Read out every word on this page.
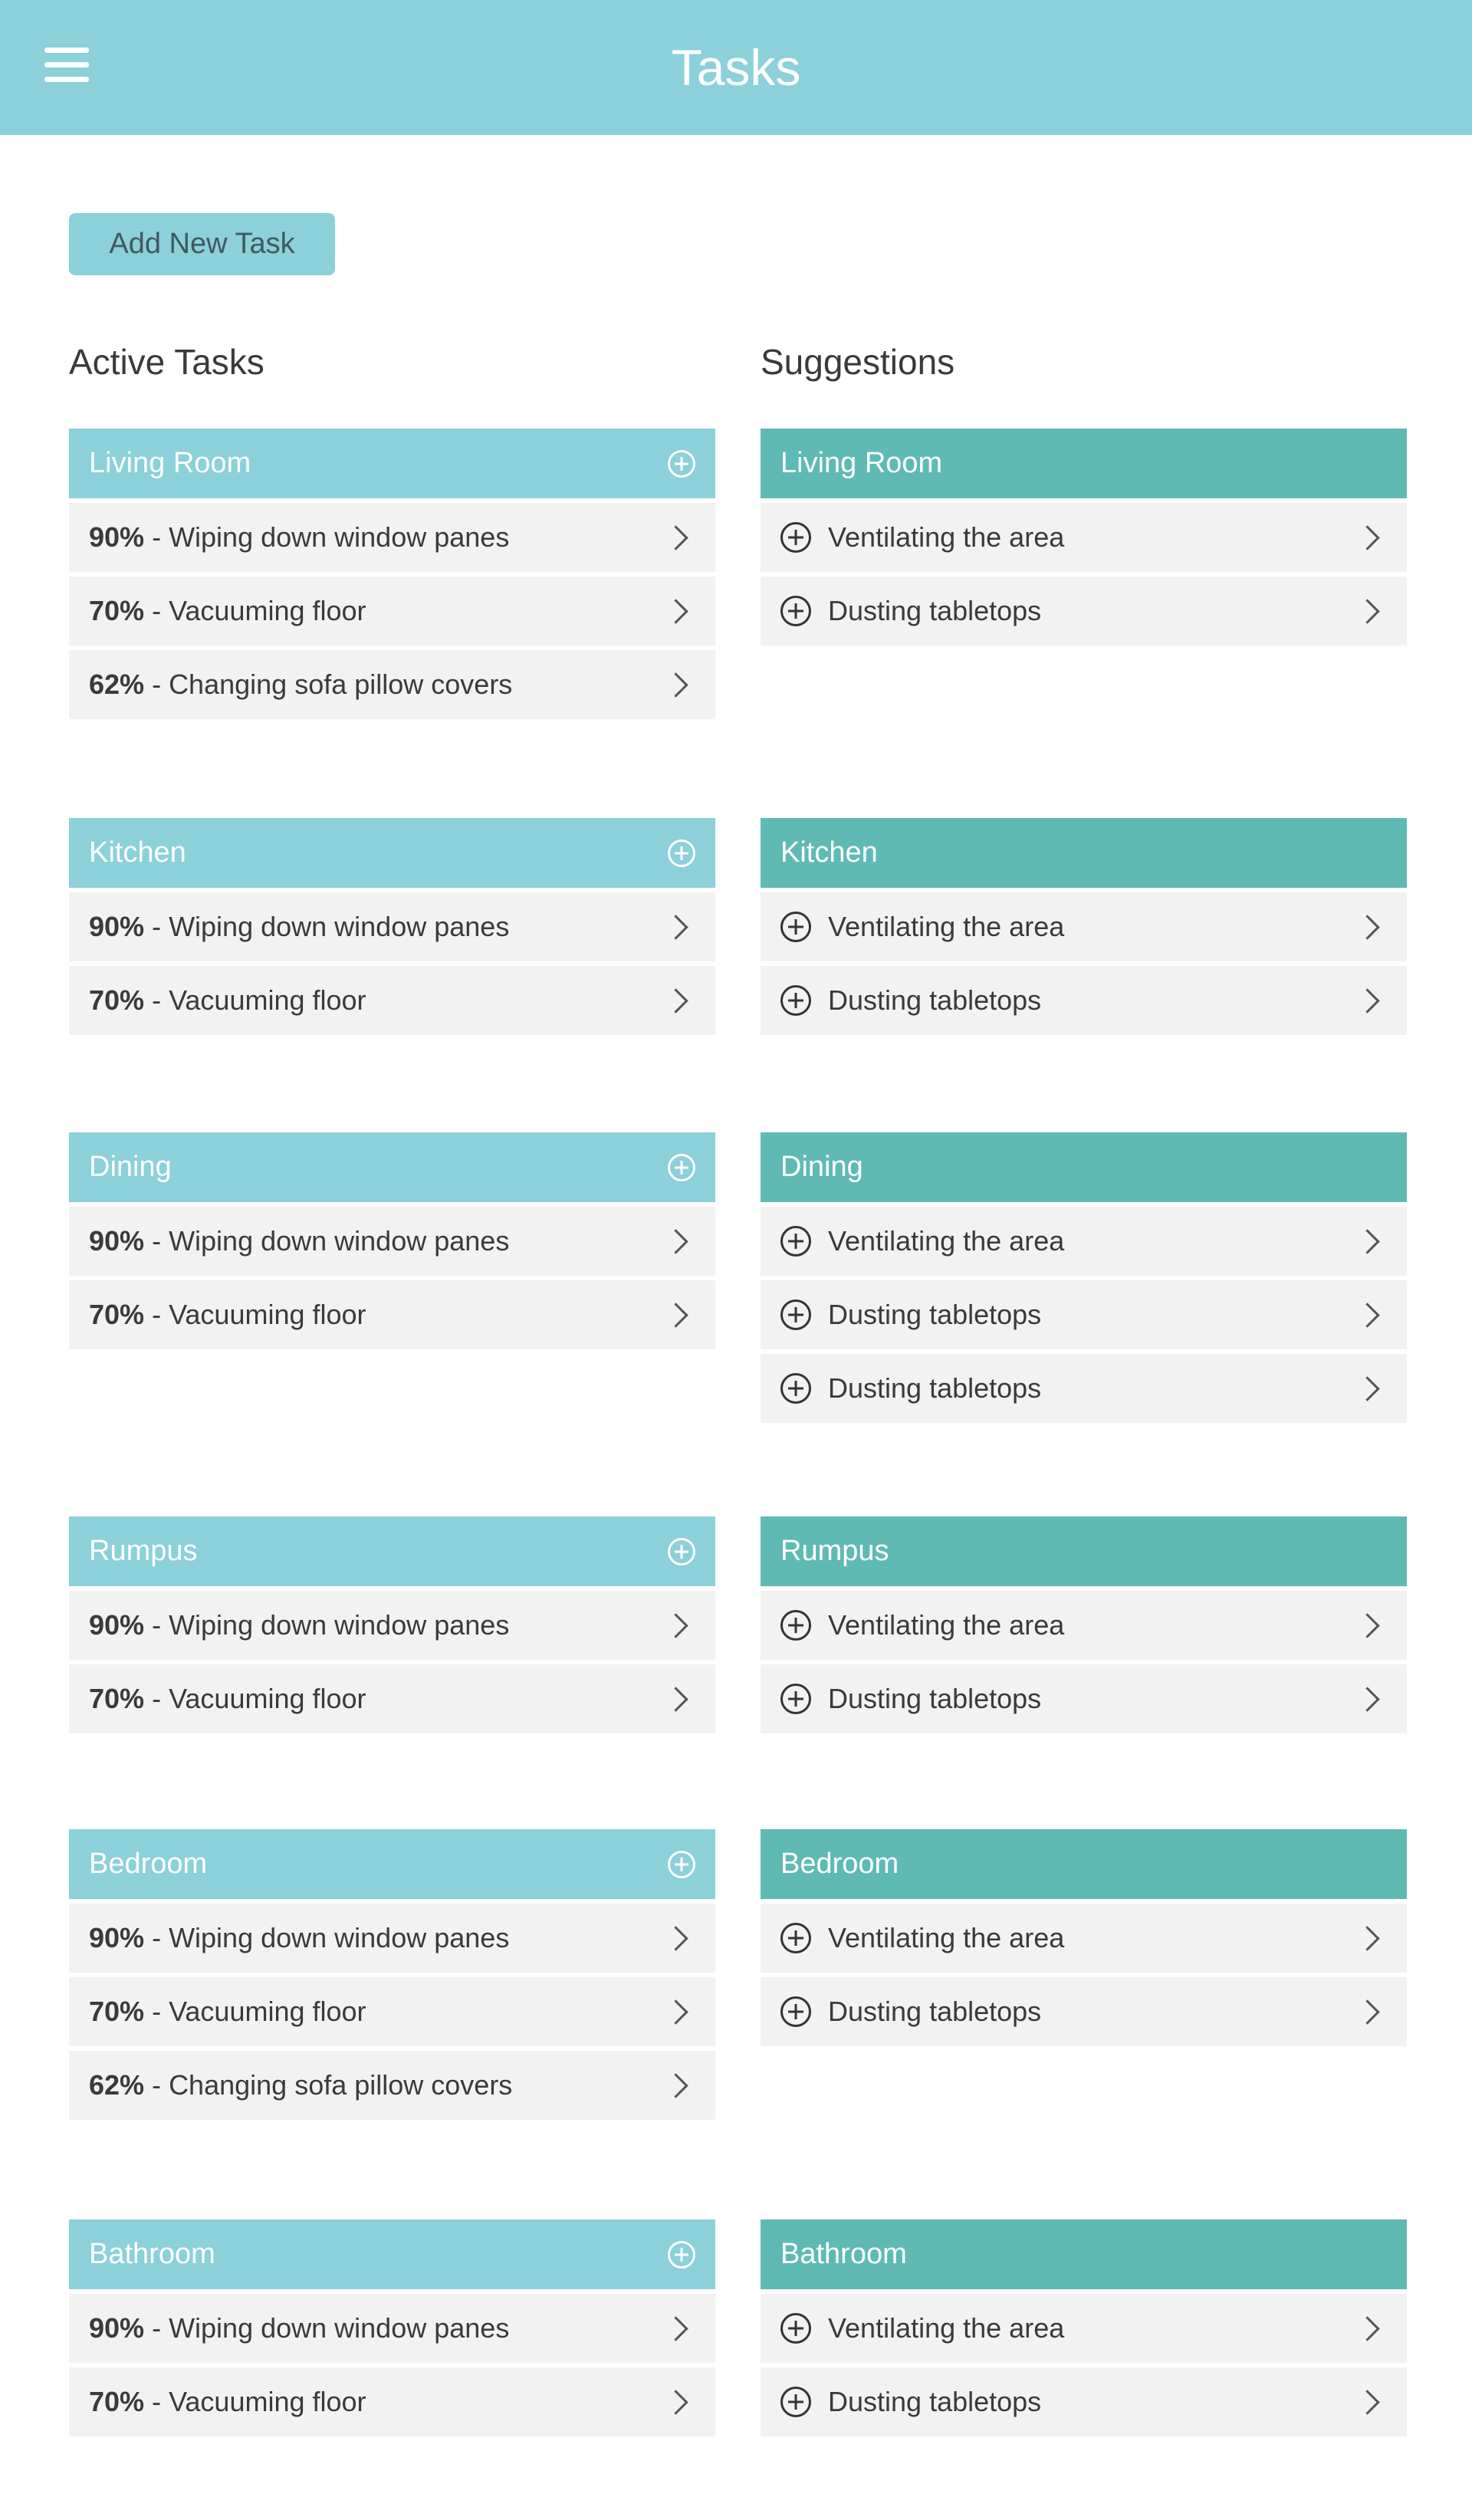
Tasks
Add New Task
Active Tasks	Suggestions
Living Room
90% - Wiping down window panes
70% - Vacuuming floor
62% - Changing sofa pillow covers
Kitchen
90% - Wiping down window panes
70% - Vacuuming floor
Dining
90% - Wiping down window panes
70% - Vacuuming floor
Rumpus
90% - Wiping down window panes
70% - Vacuuming floor
Bedroom
90% - Wiping down window panes
70% - Vacuuming floor
62% - Changing sofa pillow covers
Bathroom
90% - Wiping down window panes
70% - Vacuuming floor
Living Room
Ventilating the area
Dusting tabletops
Kitchen
Ventilating the area
Dusting tabletops
Dining
Ventilating the area
Dusting tabletops
Dusting tabletops
Rumpus
Ventilating the area
Dusting tabletops
Bedroom
Ventilating the area
Dusting tabletops
Bathroom
Ventilating the area
Dusting tabletops
